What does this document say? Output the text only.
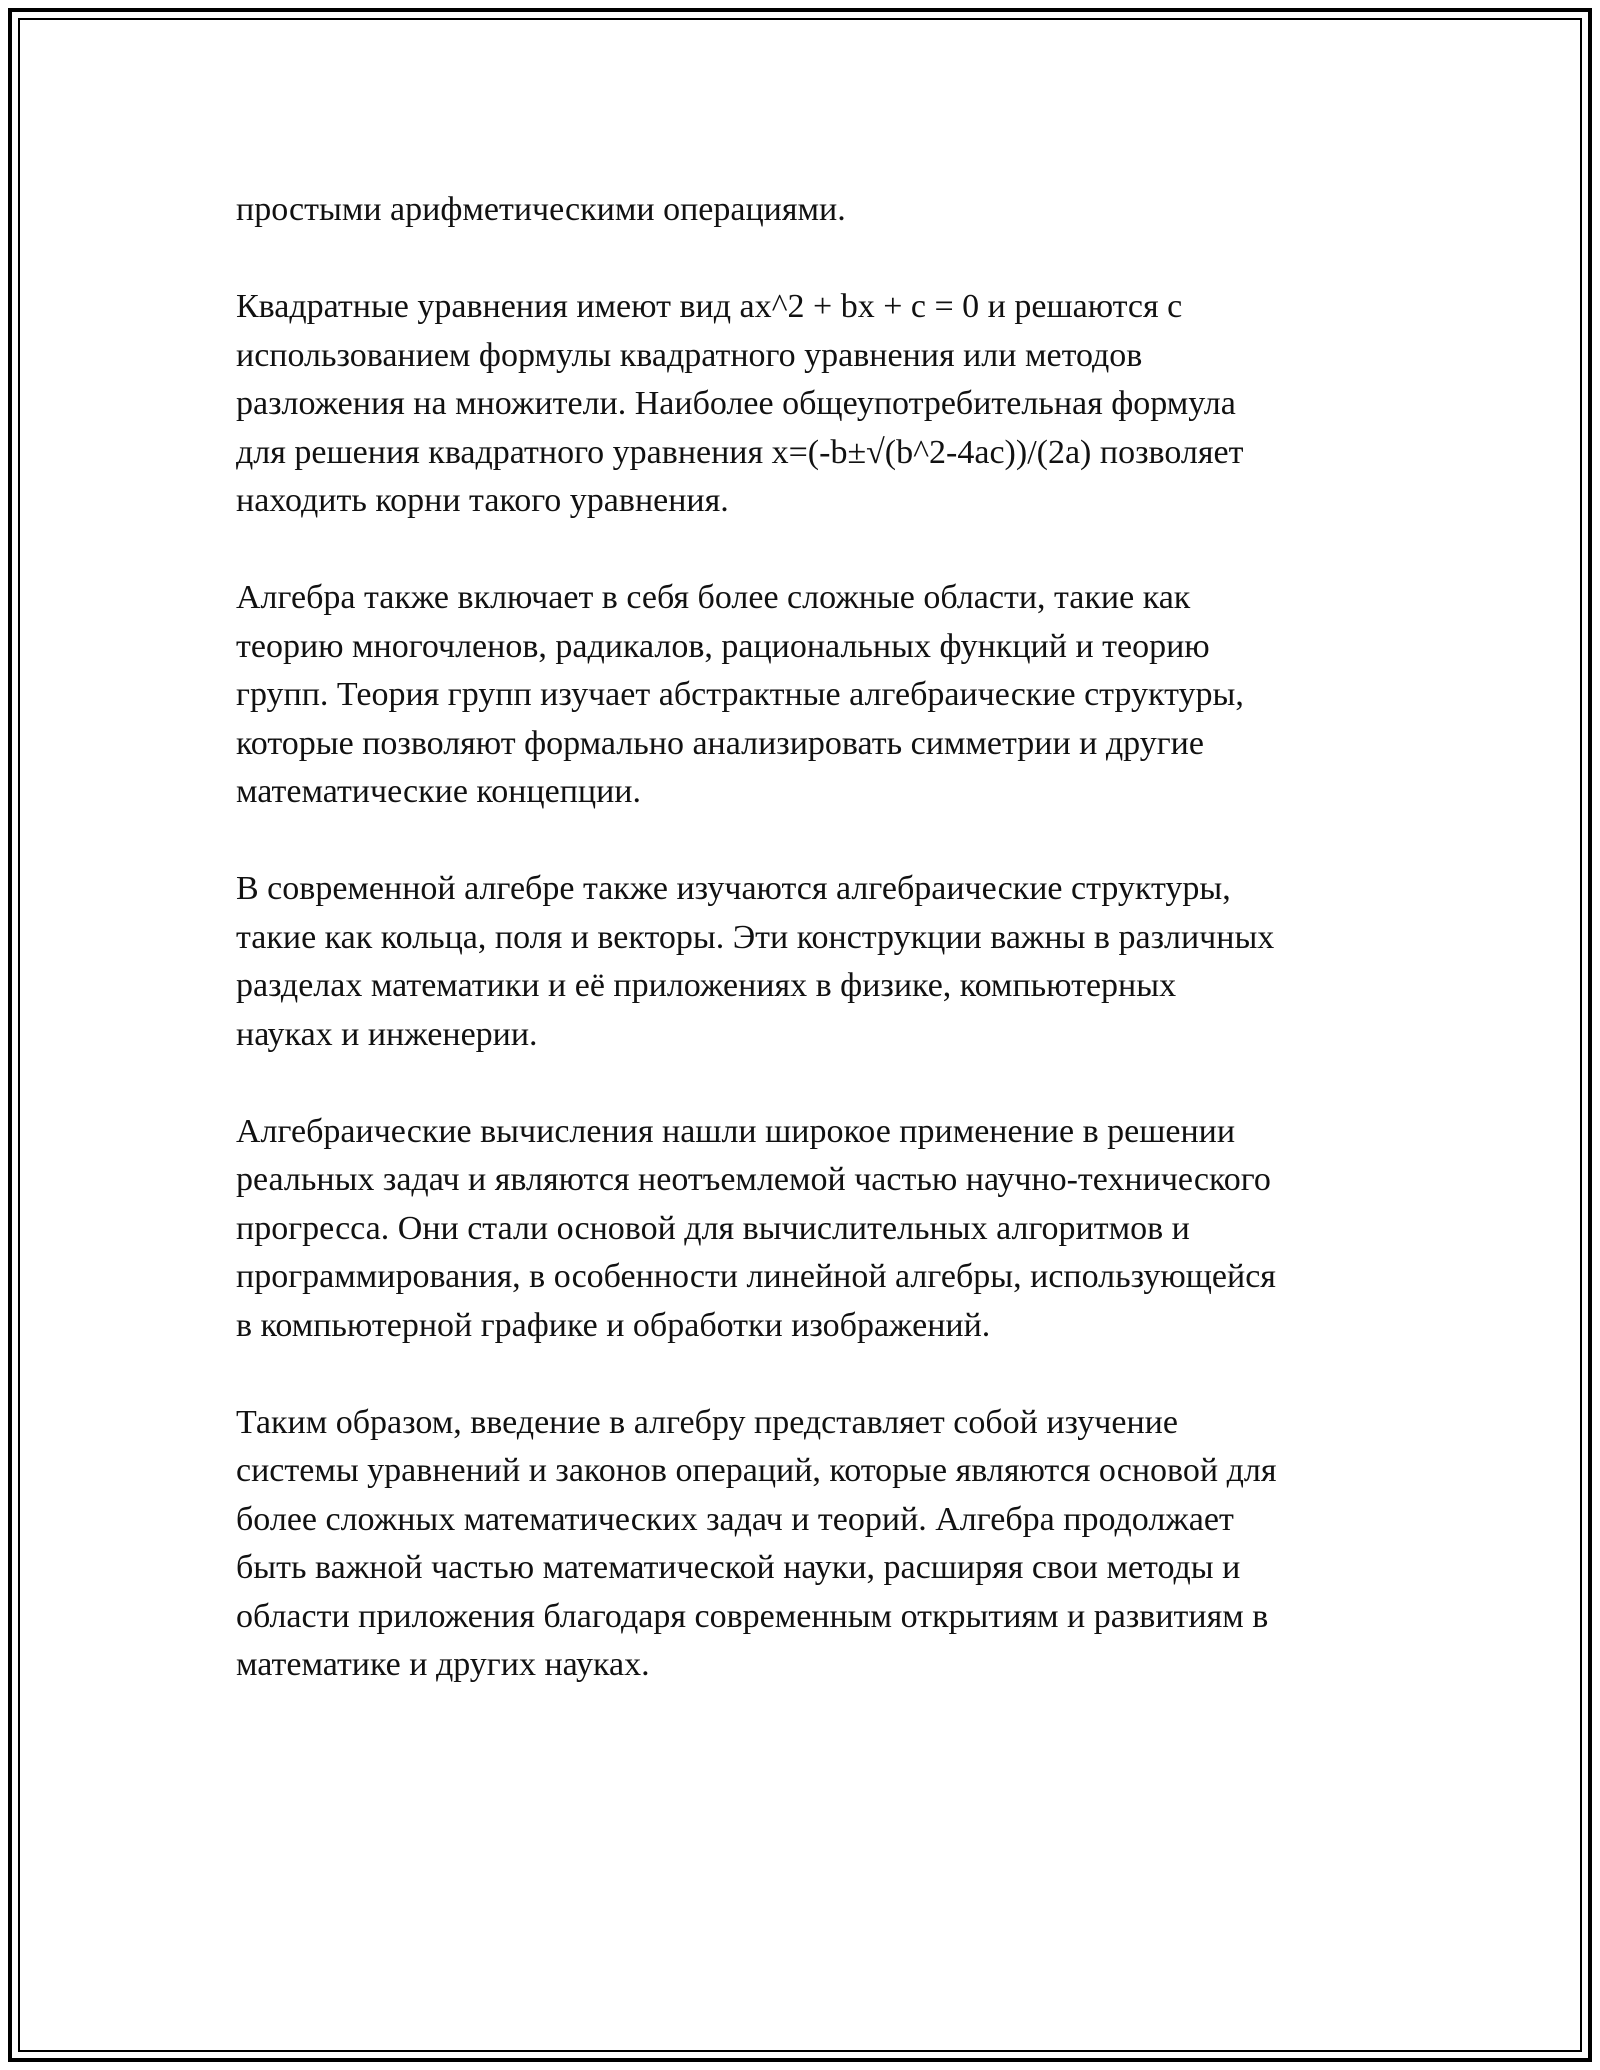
простыми арифметическими операциями.

Квадратные уравнения имеют вид ax^2 + bx + c = 0 и решаются с
использованием формулы квадратного уравнения или методов
разложения на множители. Наиболее общеупотребительная формула
для решения квадратного уравнения x=(-b±√(b^2-4ac))/(2a) позволяет
находить корни такого уравнения.

Алгебра также включает в себя более сложные области, такие как
теорию многочленов, радикалов, рациональных функций и теорию
групп. Теория групп изучает абстрактные алгебраические структуры,
которые позволяют формально анализировать симметрии и другие
математические концепции.

В современной алгебре также изучаются алгебраические структуры,
такие как кольца, поля и векторы. Эти конструкции важны в различных
разделах математики и её приложениях в физике, компьютерных
науках и инженерии.

Алгебраические вычисления нашли широкое применение в решении
реальных задач и являются неотъемлемой частью научно-технического
прогресса. Они стали основой для вычислительных алгоритмов и
программирования, в особенности линейной алгебры, использующейся
в компьютерной графике и обработки изображений.

Таким образом, введение в алгебру представляет собой изучение
системы уравнений и законов операций, которые являются основой для
более сложных математических задач и теорий. Алгебра продолжает
быть важной частью математической науки, расширяя свои методы и
области приложения благодаря современным открытиям и развитиям в
математике и других науках.
